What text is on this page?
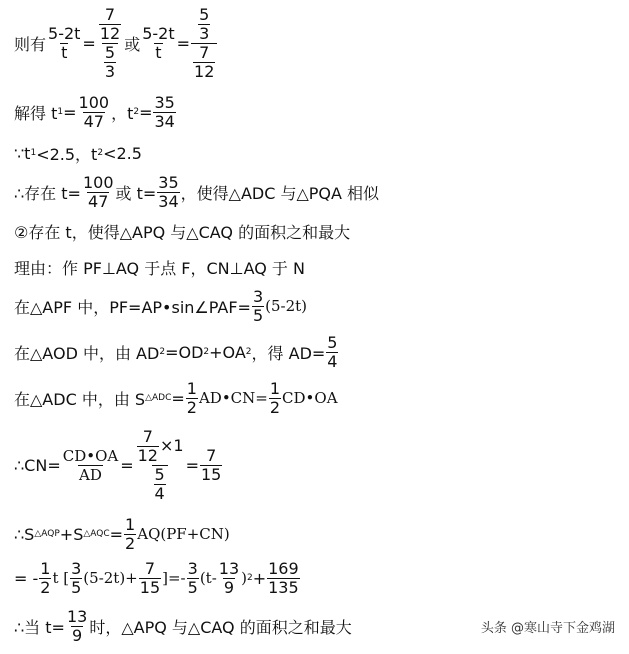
则有 $\frac{5-2t}{t} = \frac{\frac{7}{12}}{\frac{5}{3}}$ 或 $\frac{5-2t}{t} = \frac{\frac{5}{3}}{\frac{7}{12}}$
解得 t $1 = \frac{100}{47}$ ，t $2 = \frac{35}{34}$
∵t 1 <2.5，t 2 <2.5
∴存在 $t= \frac{100}{47}$ 或 $t= \frac{35}{34}$ ，使得△ADC 与△PQA 相似
②存在 t，使得△APQ 与△CAQ 的面积之和最大
理由：作 PF⊥AQ 于点 F，CN⊥AQ 于 N
在△APF 中，PF=AP•sin∠PAF= $\frac{3}{5} (5-2t)$
在△AOD 中，由 AD 2 =OD 2 +OA 2 ，得 $AD= \frac{5}{4}$
在△ADC 中，由 S △ADC = $\frac{1}{2}$ AD•CN= $\frac{1}{2}$ CD•OA
∴CN= $\frac{CD•OA}{AD} = \frac{\frac{7}{12} \times 1}{\frac{5}{4}} = \frac{7}{15}$
∴S △AQP +S △AQC = $\frac{1}{2} AQ(PF+CN)$
= - $\frac{1}{2}$ t [ $\frac{3}{5} (5-2t)+ \frac{7}{15}$ ]=- $\frac{3}{5} (t- \frac{13}{9}$ ) $2 + \frac{169}{135}$
∴当 $t= \frac{13}{9}$ 时，△APQ 与△CAQ 的面积之和最大	头条 @寒山寺下金鸡湖
